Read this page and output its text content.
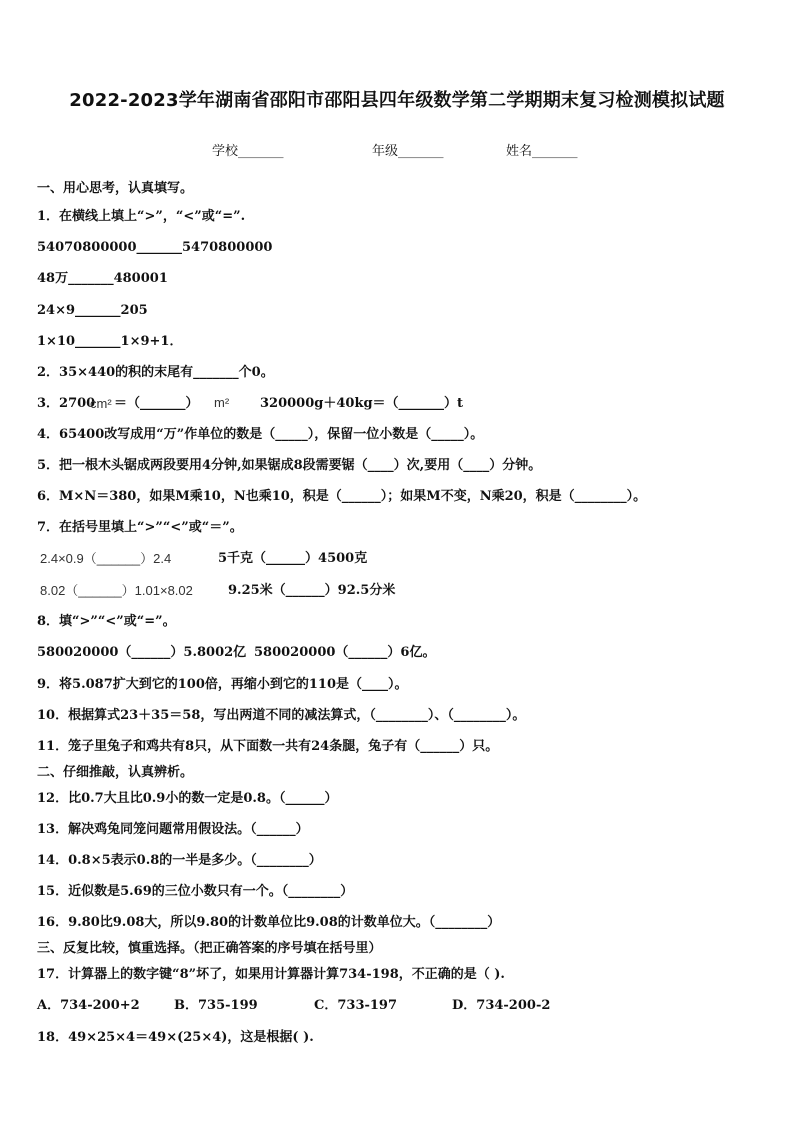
2022-2023学年湖南省邵阳市邵阳县四年级数学第二学期期末复习检测模拟试题
学校_______	年级_______	姓名_______
一、用心思考，认真填写。
1．在横线上填上“>”，“<”或“=”.
54070800000_______5470800000
48万_______480001
24×9_______205
1×10_______1×9+1．
2．35×440的积的末尾有_______个0。
3．2700
cm² ＝（_______） m² 320000g＋40kg＝（_______）t
4．65400改写成用“万”作单位的数是（_____），保留一位小数是（_____）。
5．把一根木头锯成两段要用4分钟,如果锯成8段需要锯（____）次,要用（____）分钟。
6．M×N＝380，如果M乘10，N也乘10，积是（______）；如果M不变，N乘20，积是（________）。
7．在括号里填上“>”“<”或“＝”。
2.4×0.9（______）2.4	5千克（______）4500克
8.02（______）1.01×8.02	9.25米（______）92.5分米
8．填“>”“<”或“=”。
580020000（______）5.8002亿 580020000（______）6亿。
9．将5.087扩大到它的100倍，再缩小到它的110是（____）。
10．根据算式23＋35＝58，写出两道不同的减法算式，（________）、（________）。
11．笼子里兔子和鸡共有8只，从下面数一共有24条腿，兔子有（______）只。
二、仔细推敲，认真辨析。
12．比0.7大且比0.9小的数一定是0.8。（______）
13．解决鸡兔同笼问题常用假设法。（______）
14．0.8×5表示0.8的一半是多少。（________）
15．近似数是5.69的三位小数只有一个。（________）
16．9.80比9.08大，所以9.80的计数单位比9.08的计数单位大。（________）
三、反复比较，慎重选择。（把正确答案的序号填在括号里）
17．计算器上的数字键“8”坏了，如果用计算器计算734-198，不正确的是（ ).
A．734-200+2	B．735-199	C．733-197	D．734-200-2
18．49×25×4＝49×(25×4)，这是根据( ).
